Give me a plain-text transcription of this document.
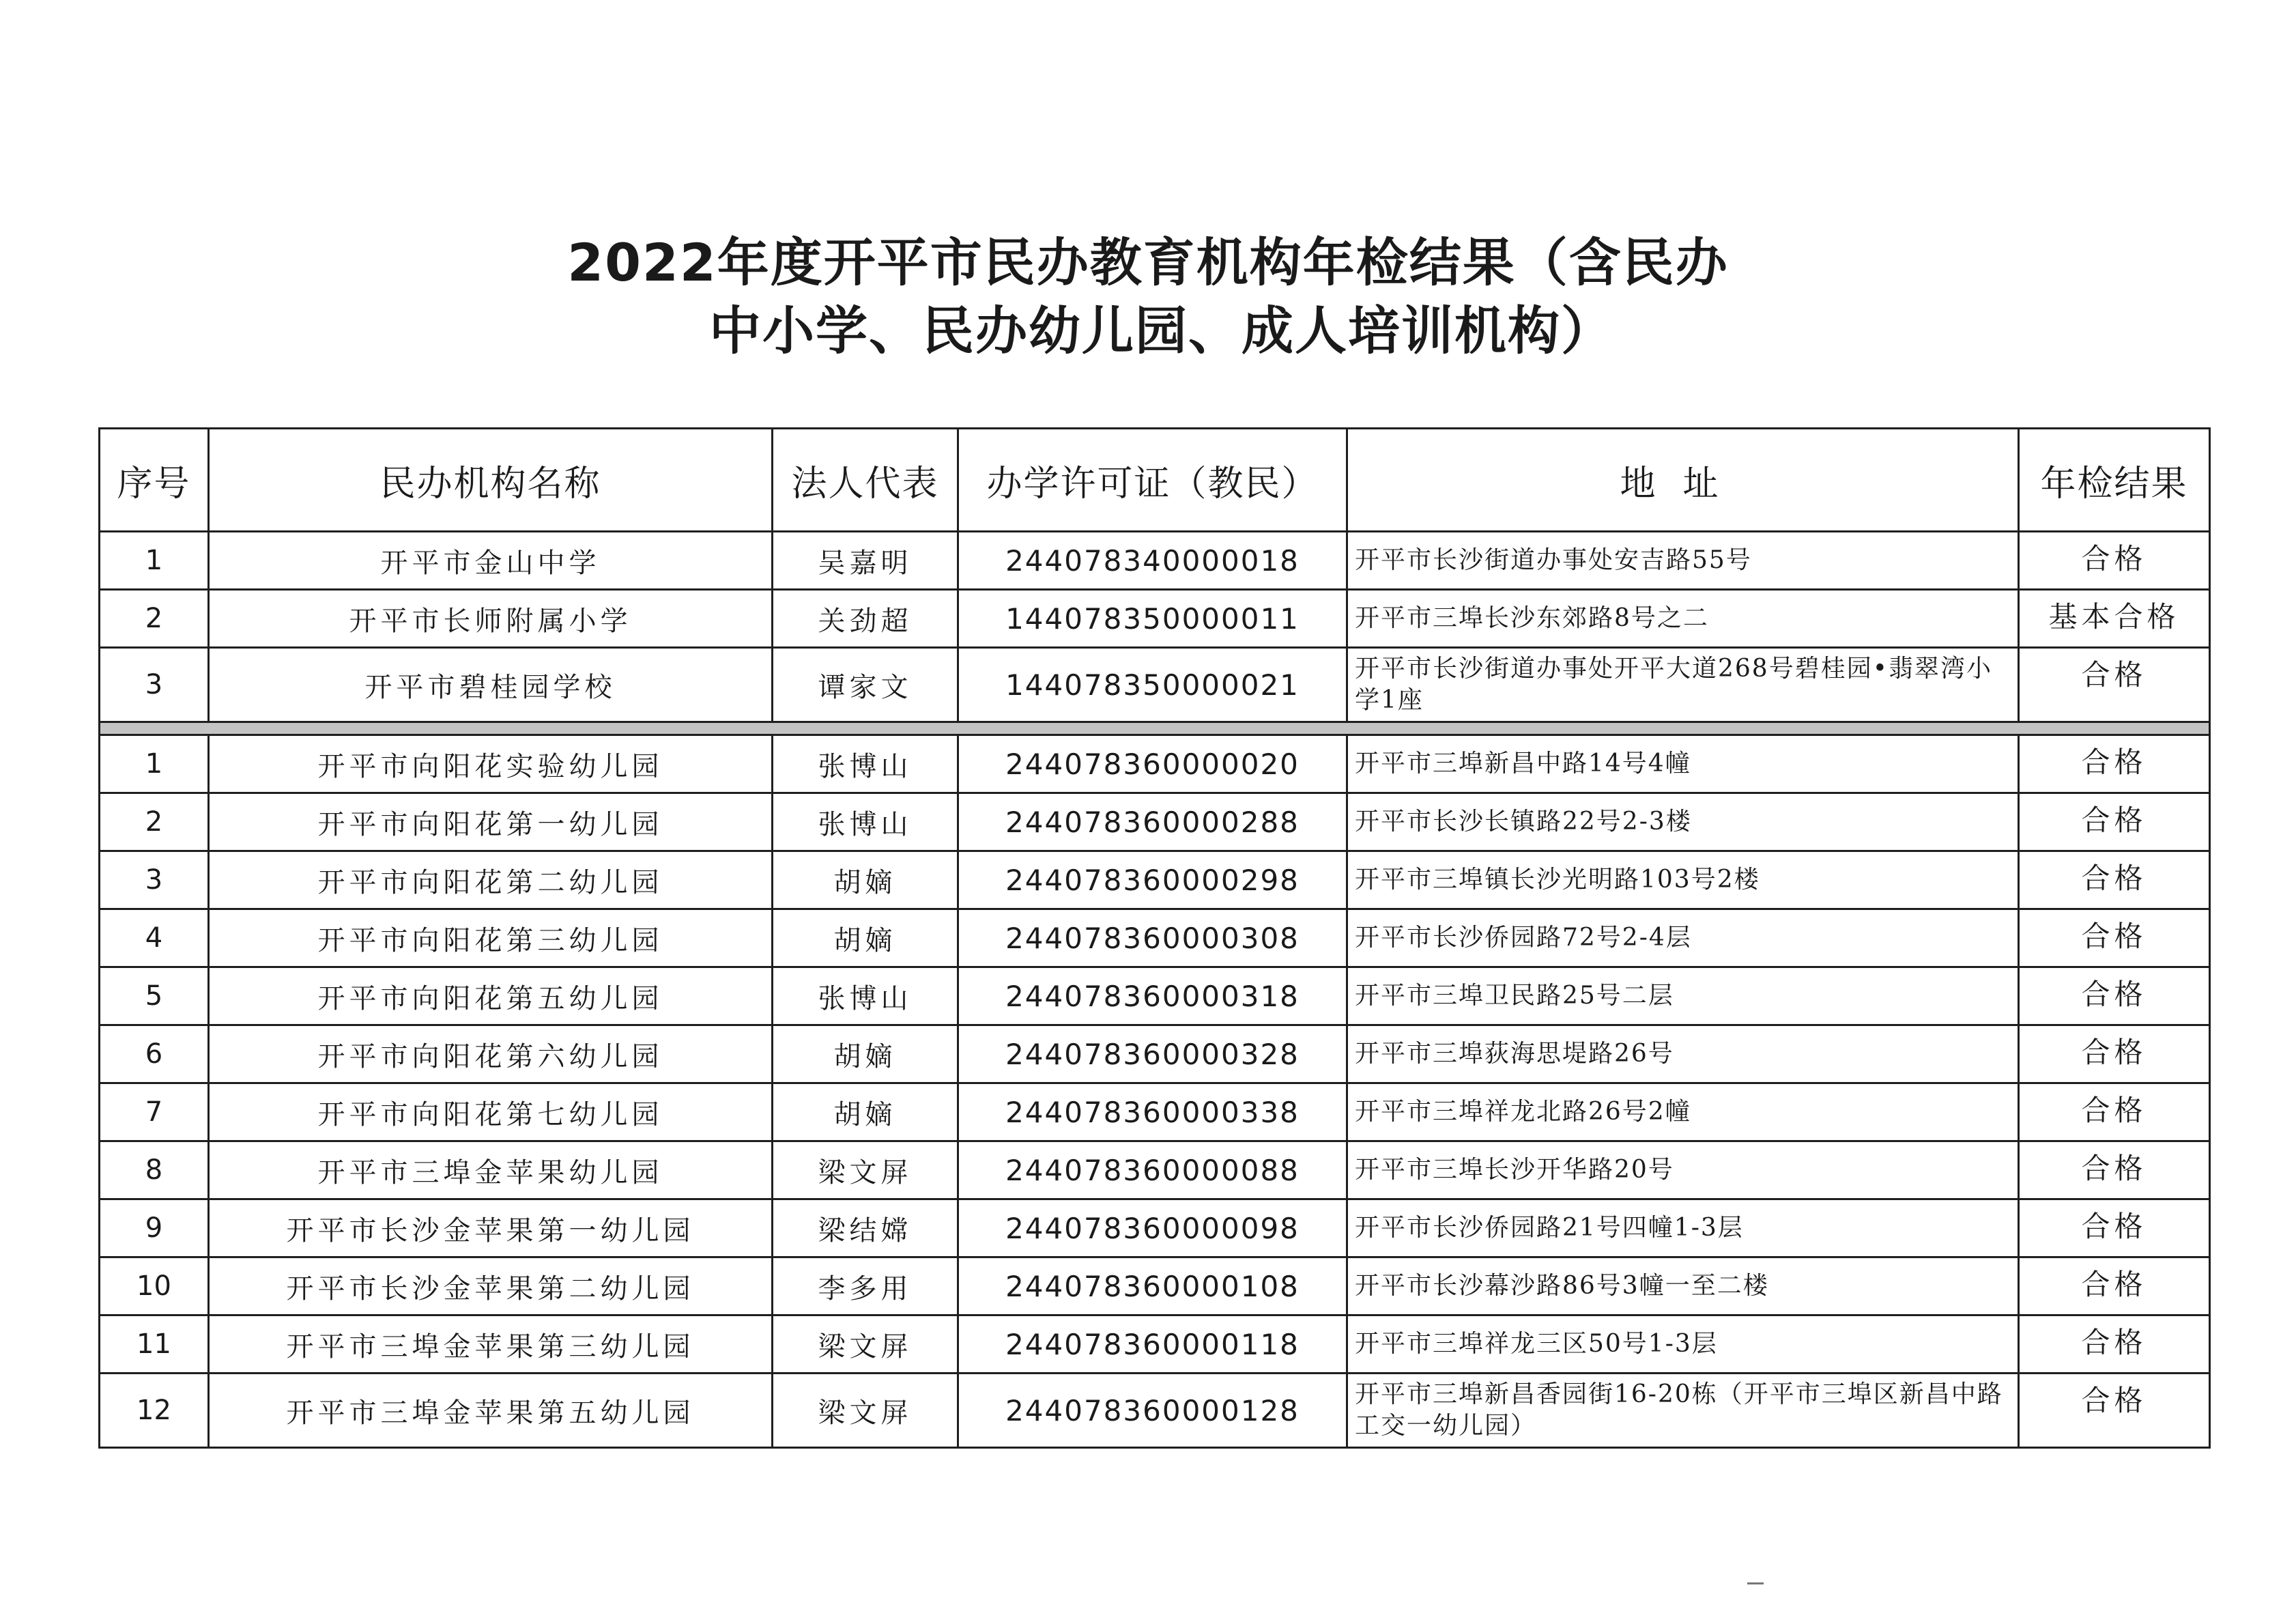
2022年度开平市民办教育机构年检结果（含民办
中小学、民办幼儿园、成人培训机构）
序号	民办机构名称	法人代表	办学许可证（教民）	地址	年检结果
1	开平市金山中学	吴嘉明	244078340000018	开平市长沙街道办事处安吉路55号	合格
2	开平市长师附属小学	关劲超	144078350000011	开平市三埠长沙东郊路8号之二	基本合格
3	开平市碧桂园学校	谭家文	144078350000021	开平市长沙街道办事处开平大道268号碧桂园•翡翠湾小学1座	合格

1	开平市向阳花实验幼儿园	张博山	244078360000020	开平市三埠新昌中路14号4幢	合格
2	开平市向阳花第一幼儿园	张博山	244078360000288	开平市长沙长镇路22号2-3楼	合格
3	开平市向阳花第二幼儿园	胡嫡	244078360000298	开平市三埠镇长沙光明路103号2楼	合格
4	开平市向阳花第三幼儿园	胡嫡	244078360000308	开平市长沙侨园路72号2-4层	合格
5	开平市向阳花第五幼儿园	张博山	244078360000318	开平市三埠卫民路25号二层	合格
6	开平市向阳花第六幼儿园	胡嫡	244078360000328	开平市三埠荻海思堤路26号	合格
7	开平市向阳花第七幼儿园	胡嫡	244078360000338	开平市三埠祥龙北路26号2幢	合格
8	开平市三埠金苹果幼儿园	梁文屏	244078360000088	开平市三埠长沙开华路20号	合格
9	开平市长沙金苹果第一幼儿园	梁结嫦	244078360000098	开平市长沙侨园路21号四幢1-3层	合格
10	开平市长沙金苹果第二幼儿园	李多用	244078360000108	开平市长沙幕沙路86号3幢一至二楼	合格
11	开平市三埠金苹果第三幼儿园	梁文屏	244078360000118	开平市三埠祥龙三区50号1-3层	合格
12	开平市三埠金苹果第五幼儿园	梁文屏	244078360000128	开平市三埠新昌香园街16-20栋（开平市三埠区新昌中路工交一幼儿园）	合格
